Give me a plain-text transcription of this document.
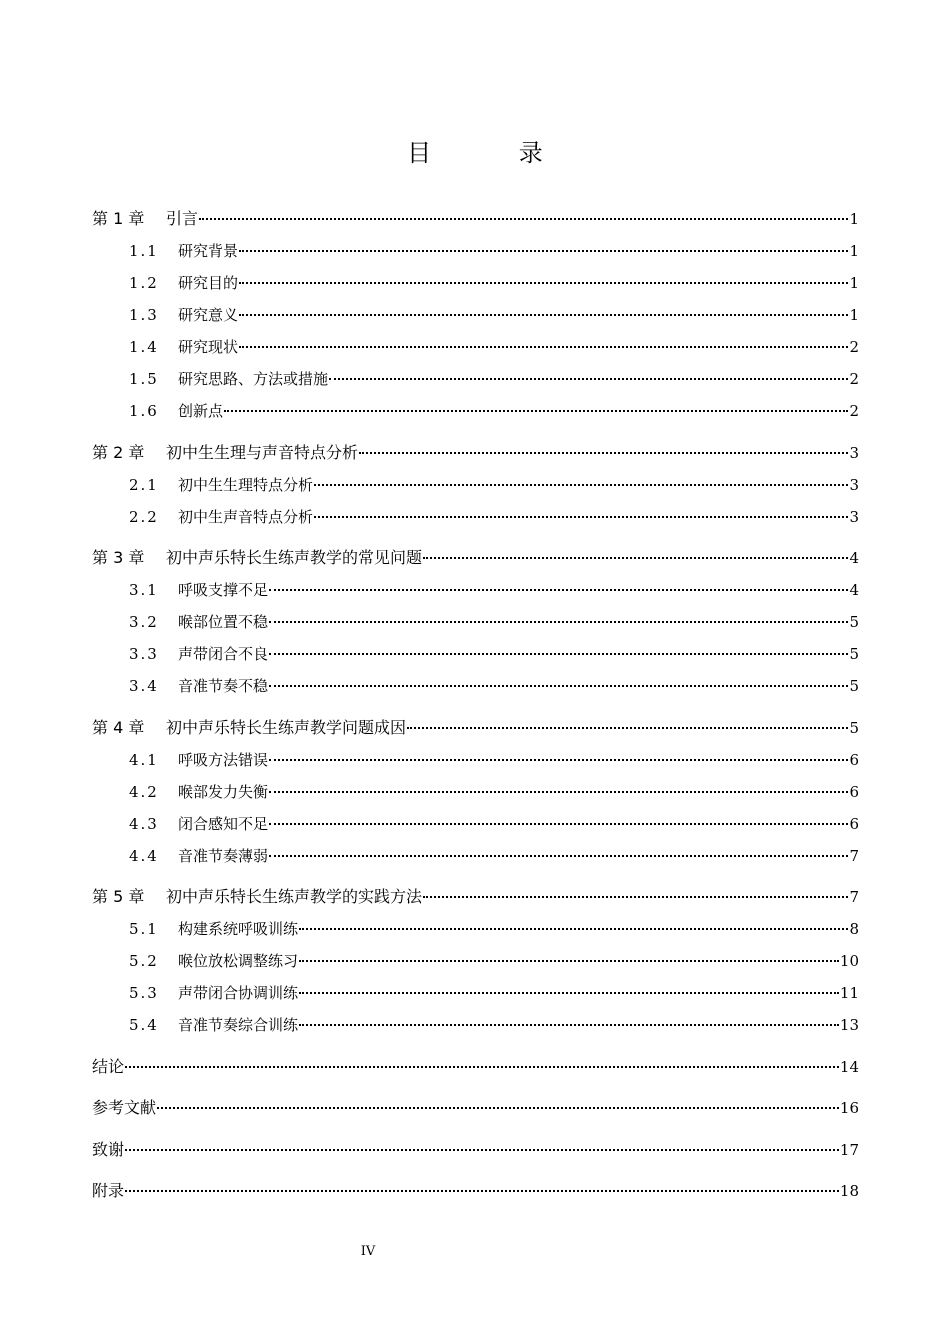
目 录
第 1 章	引言	1
1.1	研究背景	1
1.2	研究目的	1
1.3	研究意义	1
1.4	研究现状	2
1.5	研究思路、方法或措施	2
1.6	创新点	2
第 2 章	初中生生理与声音特点分析	3
2.1	初中生生理特点分析	3
2.2	初中生声音特点分析	3
第 3 章	初中声乐特长生练声教学的常见问题	4
3.1	呼吸支撑不足	4
3.2	喉部位置不稳	5
3.3	声带闭合不良	5
3.4	音准节奏不稳	5
第 4 章	初中声乐特长生练声教学问题成因	5
4.1	呼吸方法错误	6
4.2	喉部发力失衡	6
4.3	闭合感知不足	6
4.4	音准节奏薄弱	7
第 5 章	初中声乐特长生练声教学的实践方法	7
5.1	构建系统呼吸训练	8
5.2	喉位放松调整练习	10
5.3	声带闭合协调训练	11
5.4	音准节奏综合训练	13
结论	14
参考文献	16
致谢	17
附录	18
IV
